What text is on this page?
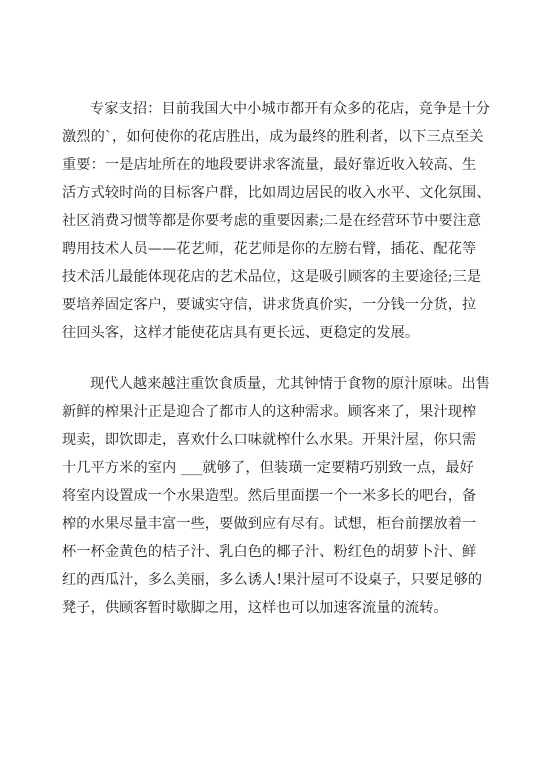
专家支招：目前我国大中小城市都开有众多的花店，竞争是十分
激烈的`，如何使你的花店胜出，成为最终的胜利者，以下三点至关
重要：一是店址所在的地段要讲求客流量，最好靠近收入较高、生
活方式较时尚的目标客户群，比如周边居民的收入水平、文化氛围、
社区消费习惯等都是你要考虑的重要因素;二是在经营环节中要注意
聘用技术人员——花艺师，花艺师是你的左膀右臂，插花、配花等
技术活儿最能体现花店的艺术品位，这是吸引顾客的主要途径;三是
要培养固定客户，要诚实守信，讲求货真价实，一分钱一分货，拉
往回头客，这样才能使花店具有更长远、更稳定的发展。
现代人越来越注重饮食质量，尤其钟情于食物的原汁原味。出售
新鲜的榨果汁正是迎合了都市人的这种需求。顾客来了，果汁现榨
现卖，即饮即走，喜欢什么口味就榨什么水果。开果汁屋，你只需
十几平方米的室内 ___就够了，但装璜一定要精巧别致一点，最好
将室内设置成一个水果造型。然后里面摆一个一米多长的吧台，备
榨的水果尽量丰富一些，要做到应有尽有。试想，柜台前摆放着一
杯一杯金黄色的桔子汁、乳白色的椰子汁、粉红色的胡萝卜汁、鲜
红的西瓜汁，多么美丽，多么诱人!果汁屋可不设桌子，只要足够的
凳子，供顾客暂时歇脚之用，这样也可以加速客流量的流转。
